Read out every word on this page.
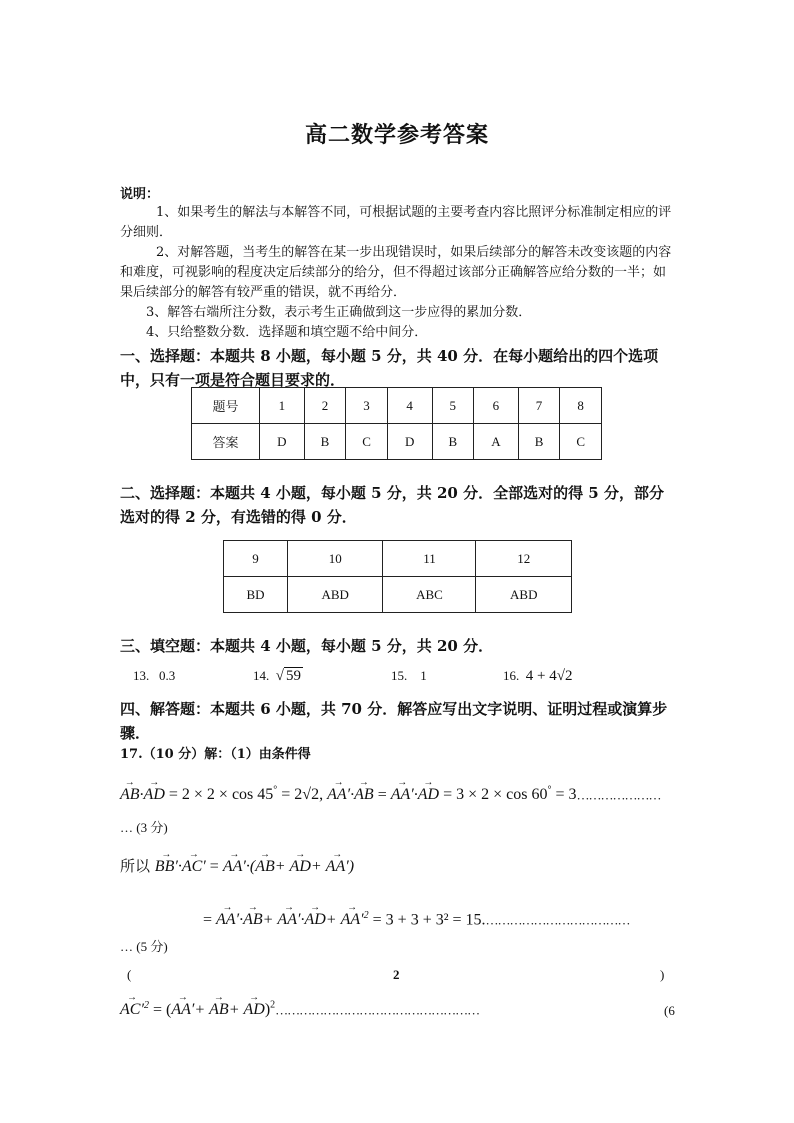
高二数学参考答案
说明：
1、如果考生的解法与本解答不同，可根据试题的主要考查内容比照评分标准制定相应的评分细则．
2、对解答题，当考生的解答在某一步出现错误时，如果后续部分的解答未改变该题的内容和难度，可视影响的程度决定后续部分的给分，但不得超过该部分正确解答应给分数的一半；如果后续部分的解答有较严重的错误，就不再给分．
3、解答右端所注分数，表示考生正确做到这一步应得的累加分数．
4、只给整数分数．选择题和填空题不给中间分．
一、选择题：本题共 8 小题，每小题 5 分，共 40 分．在每小题给出的四个选项中，只有一项是符合题目要求的．
题号	1	2	3	4	5	6	7	8
答案	D	B	C	D	B	A	B	C
二、选择题：本题共 4 小题，每小题 5 分，共 20 分．全部选对的得 5 分，部分选对的得 2 分，有选错的得 0 分．
9	10	11	12
BD	ABD	ABC	ABD
三、填空题：本题共 4 小题，每小题 5 分，共 20 分．
13. 0.3	14. √ 59	15. 1	16. 4 + 4√2
四、解答题：本题共 6 小题，共 70 分．解答应写出文字说明、证明过程或演算步骤．
17.（10 分）解：（1）由条件得
→ AB·→ AD = 2 × 2 × cos 45° = 2√2, → AA′·→ AB = → AA′·→ AD = 3 × 2 × cos 60° = 3…………………
… (3 分)
所以 → BB′·→ AC′ = → AA′·(→ AB+ → AD+ → AA′)
= → $AA'\cdot\to AB+ \to AA'\cdot\to AD+ \to AA'^2 = 3 + 3 + 3^2$ = 15.………………………………
… (5 分)
(	2	)
→ $AC'^2$ = (→ AA′+ → AB+ → AD)$^2$……………………………………………	(6
